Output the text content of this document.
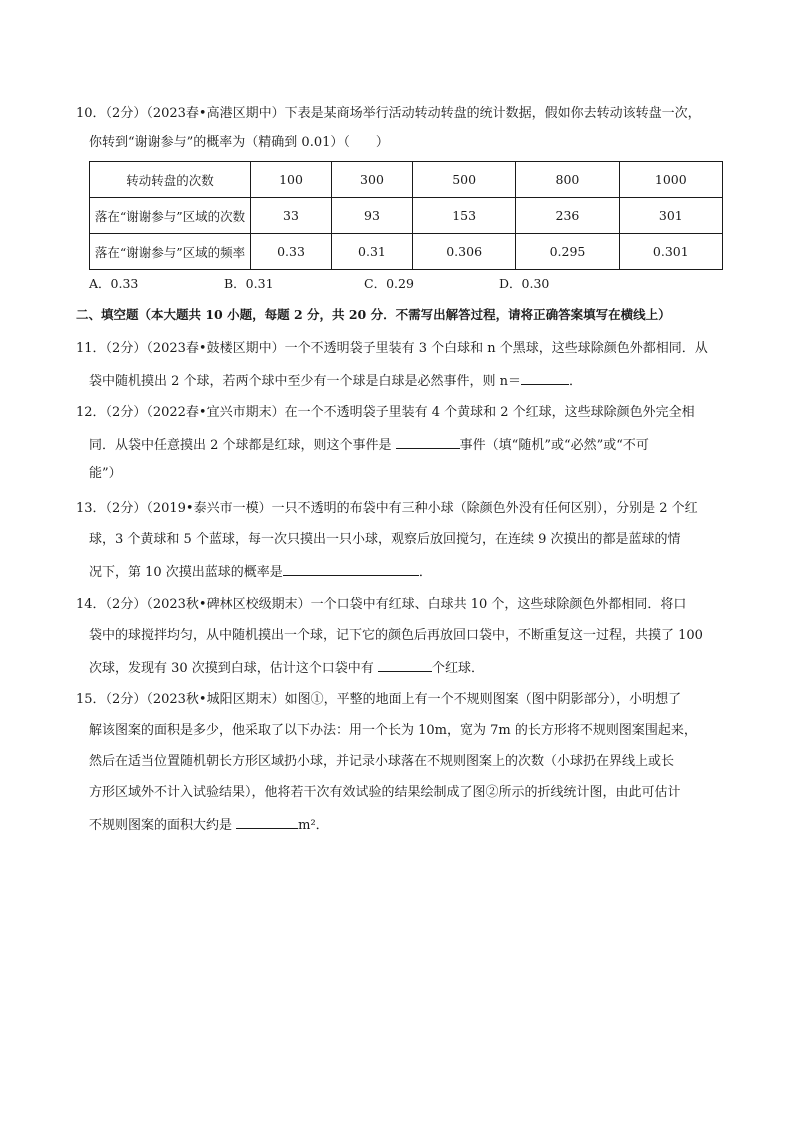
10．（2分）（2023春•高港区期中）下表是某商场举行活动转动转盘的统计数据，假如你去转动该转盘一次，
你转到“谢谢参与”的概率为（精确到 0.01）（　　）
转动转盘的次数	100	300	500	800	1000
落在“谢谢参与”区域的次数	33	93	153	236	301
落在“谢谢参与”区域的频率	0.33	0.31	0.306	0.295	0.301
A．0.33	B．0.31	C．0.29	D．0.30
二、填空题（本大题共 10 小题，每题 2 分，共 20 分．不需写出解答过程，请将正确答案填写在横线上）
11．（2分）（2023春•鼓楼区期中）一个不透明袋子里装有 3 个白球和 n 个黑球，这些球除颜色外都相同．从
袋中随机摸出 2 个球，若两个球中至少有一个球是白球是必然事件，则 n＝	．
12．（2分）（2022春•宜兴市期末）在一个不透明袋子里装有 4 个黄球和 2 个红球，这些球除颜色外完全相
同．从袋中任意摸出 2 个球都是红球，则这个事件是	事件（填“随机”或“必然”或“不可
能”）
13．（2分）（2019•泰兴市一模）一只不透明的布袋中有三种小球（除颜色外没有任何区别），分别是 2 个红
球，3 个黄球和 5 个蓝球，每一次只摸出一只小球，观察后放回搅匀，在连续 9 次摸出的都是蓝球的情
况下，第 10 次摸出蓝球的概率是	．
14．（2分）（2023秋•碑林区校级期末）一个口袋中有红球、白球共 10 个，这些球除颜色外都相同．将口
袋中的球搅拌均匀，从中随机摸出一个球，记下它的颜色后再放回口袋中，不断重复这一过程，共摸了 100
次球，发现有 30 次摸到白球，估计这个口袋中有	个红球．
15．（2分）（2023秋•城阳区期末）如图①，平整的地面上有一个不规则图案（图中阴影部分），小明想了
解该图案的面积是多少，他采取了以下办法：用一个长为 10m，宽为 7m 的长方形将不规则图案围起来，
然后在适当位置随机朝长方形区域扔小球，并记录小球落在不规则图案上的次数（小球扔在界线上或长
方形区域外不计入试验结果），他将若干次有效试验的结果绘制成了图②所示的折线统计图，由此可估计
不规则图案的面积大约是	m²．
